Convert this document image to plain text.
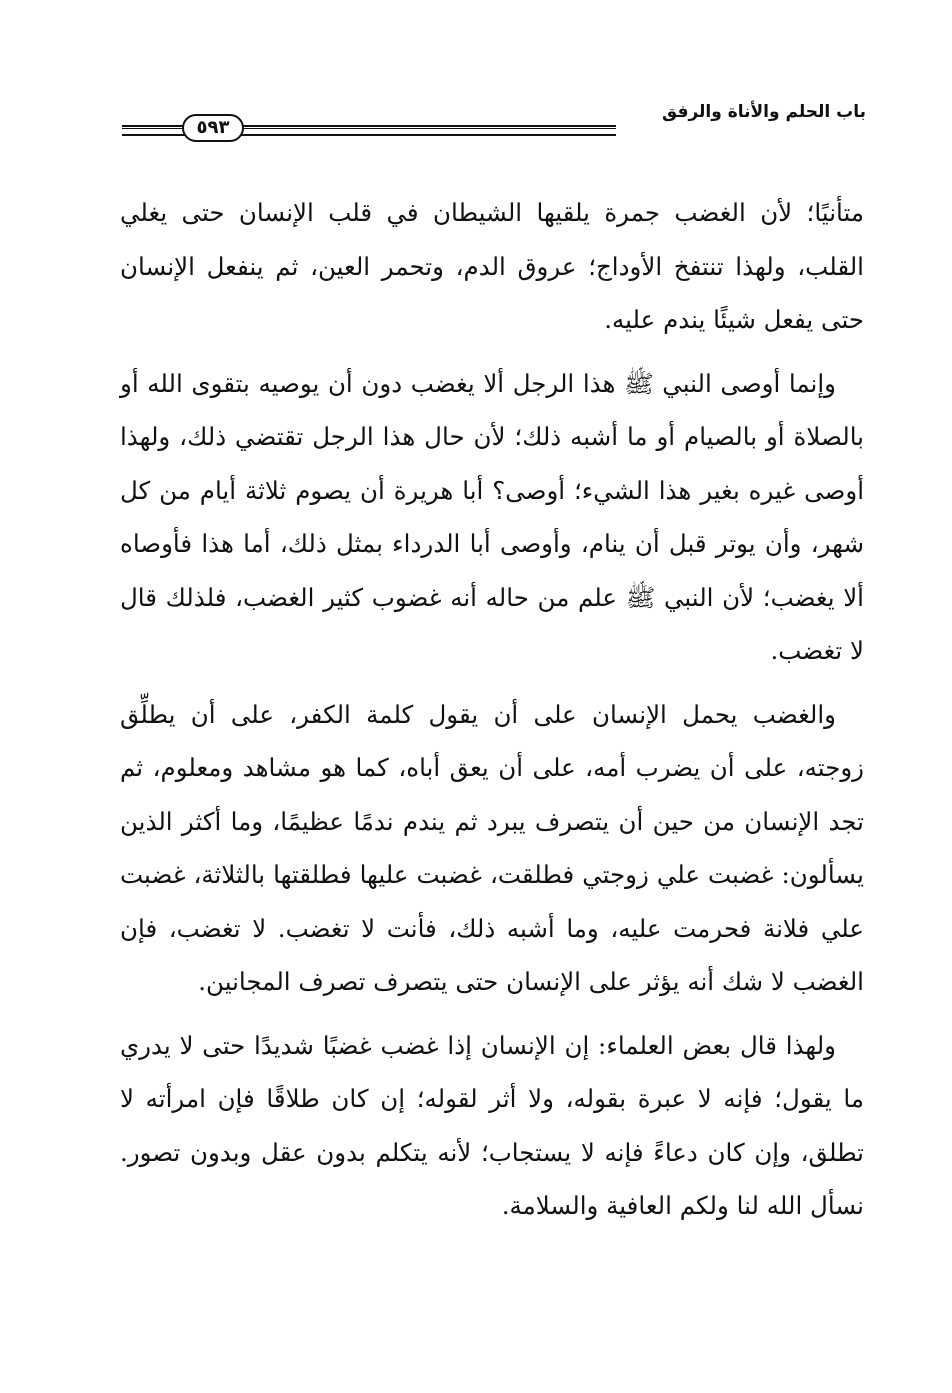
باب الحلم والأناة والرفق
٥٩٣

متأنيًا؛ لأن الغضب جمرة يلقيها الشيطان في قلب الإنسان حتى يغلي القلب، ولهذا تنتفخ الأوداج؛ عروق الدم، وتحمر العين، ثم ينفعل الإنسان حتى يفعل شيئًا يندم عليه.

وإنما أوصى النبي ﷺ هذا الرجل ألا يغضب دون أن يوصيه بتقوى الله أو بالصلاة أو بالصيام أو ما أشبه ذلك؛ لأن حال هذا الرجل تقتضي ذلك، ولهذا أوصى غيره بغير هذا الشيء؛ أوصى؟ أبا هريرة أن يصوم ثلاثة أيام من كل شهر، وأن يوتر قبل أن ينام، وأوصى أبا الدرداء بمثل ذلك، أما هذا فأوصاه ألا يغضب؛ لأن النبي ﷺ علم من حاله أنه غضوب كثير الغضب، فلذلك قال لا تغضب.

والغضب يحمل الإنسان على أن يقول كلمة الكفر، على أن يطلِّق زوجته، على أن يضرب أمه، على أن يعق أباه، كما هو مشاهد ومعلوم، ثم تجد الإنسان من حين أن يتصرف يبرد ثم يندم ندمًا عظيمًا، وما أكثر الذين يسألون: غضبت علي زوجتي فطلقت، غضبت عليها فطلقتها بالثلاثة، غضبت علي فلانة فحرمت عليه، وما أشبه ذلك، فأنت لا تغضب. لا تغضب، فإن الغضب لا شك أنه يؤثر على الإنسان حتى يتصرف تصرف المجانين.

ولهذا قال بعض العلماء: إن الإنسان إذا غضب غضبًا شديدًا حتى لا يدري ما يقول؛ فإنه لا عبرة بقوله، ولا أثر لقوله؛ إن كان طلاقًا فإن امرأته لا تطلق، وإن كان دعاءً فإنه لا يستجاب؛ لأنه يتكلم بدون عقل وبدون تصور. نسأل الله لنا ولكم العافية والسلامة.
